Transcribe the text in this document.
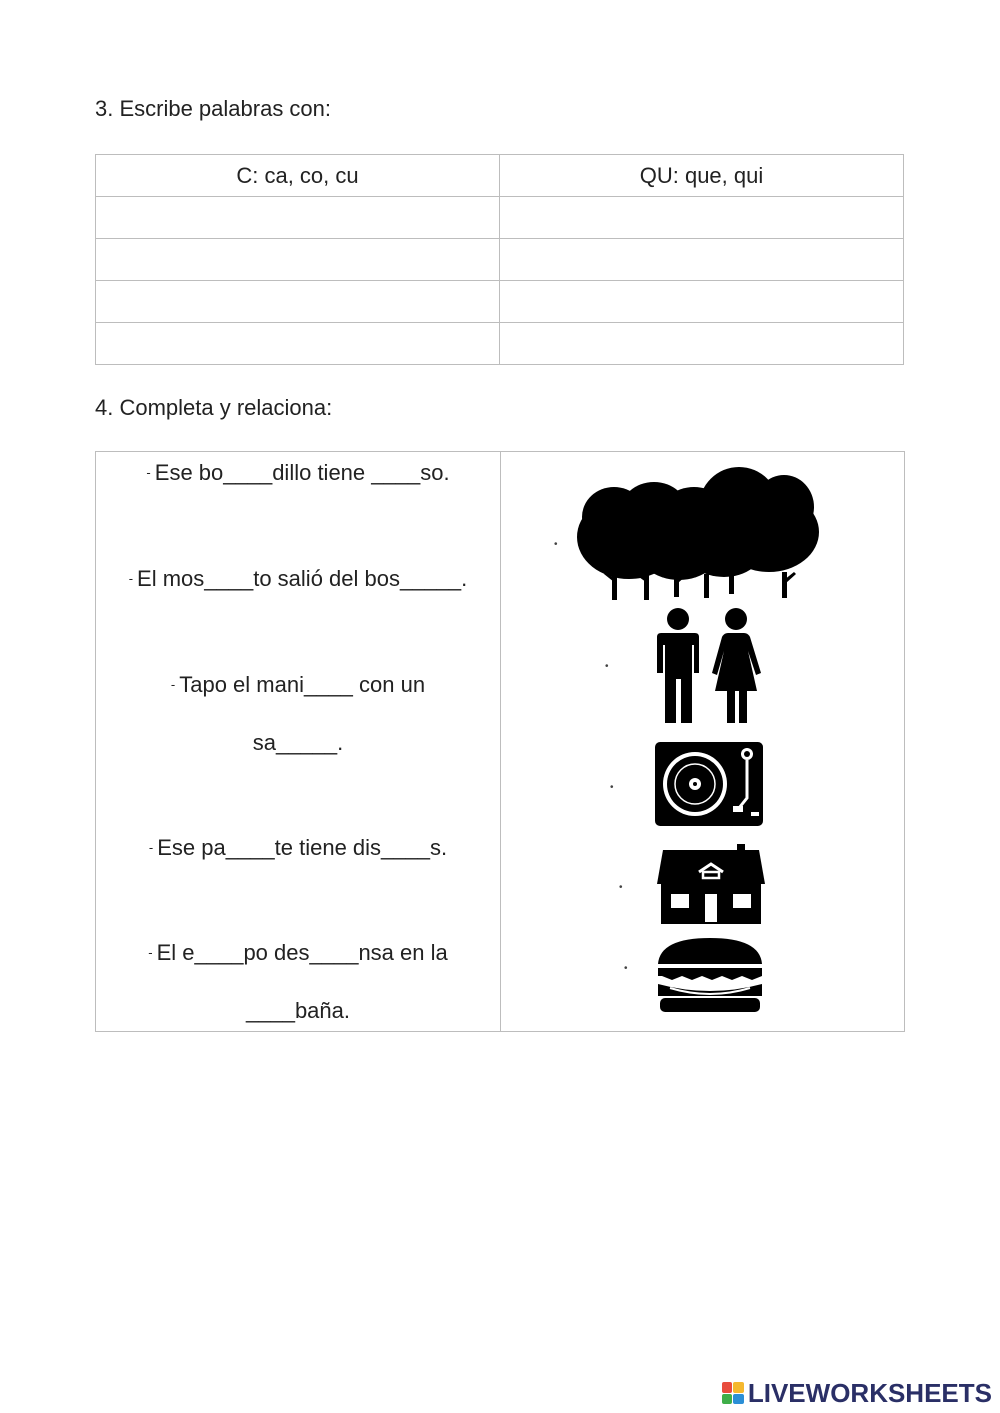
3. Escribe palabras con:
C: ca, co, cu	QU: que, qui

4. Completa y relaciona:
- Ese bo____dillo tiene ____so.
- El mos____to salió del bos_____.
- Tapo el mani____ con un
sa_____.
- Ese pa____te tiene dis____s.
- El e____po des____nsa en la
____baña.
•
•
•
•
•
LIVEWORKSHEETS
